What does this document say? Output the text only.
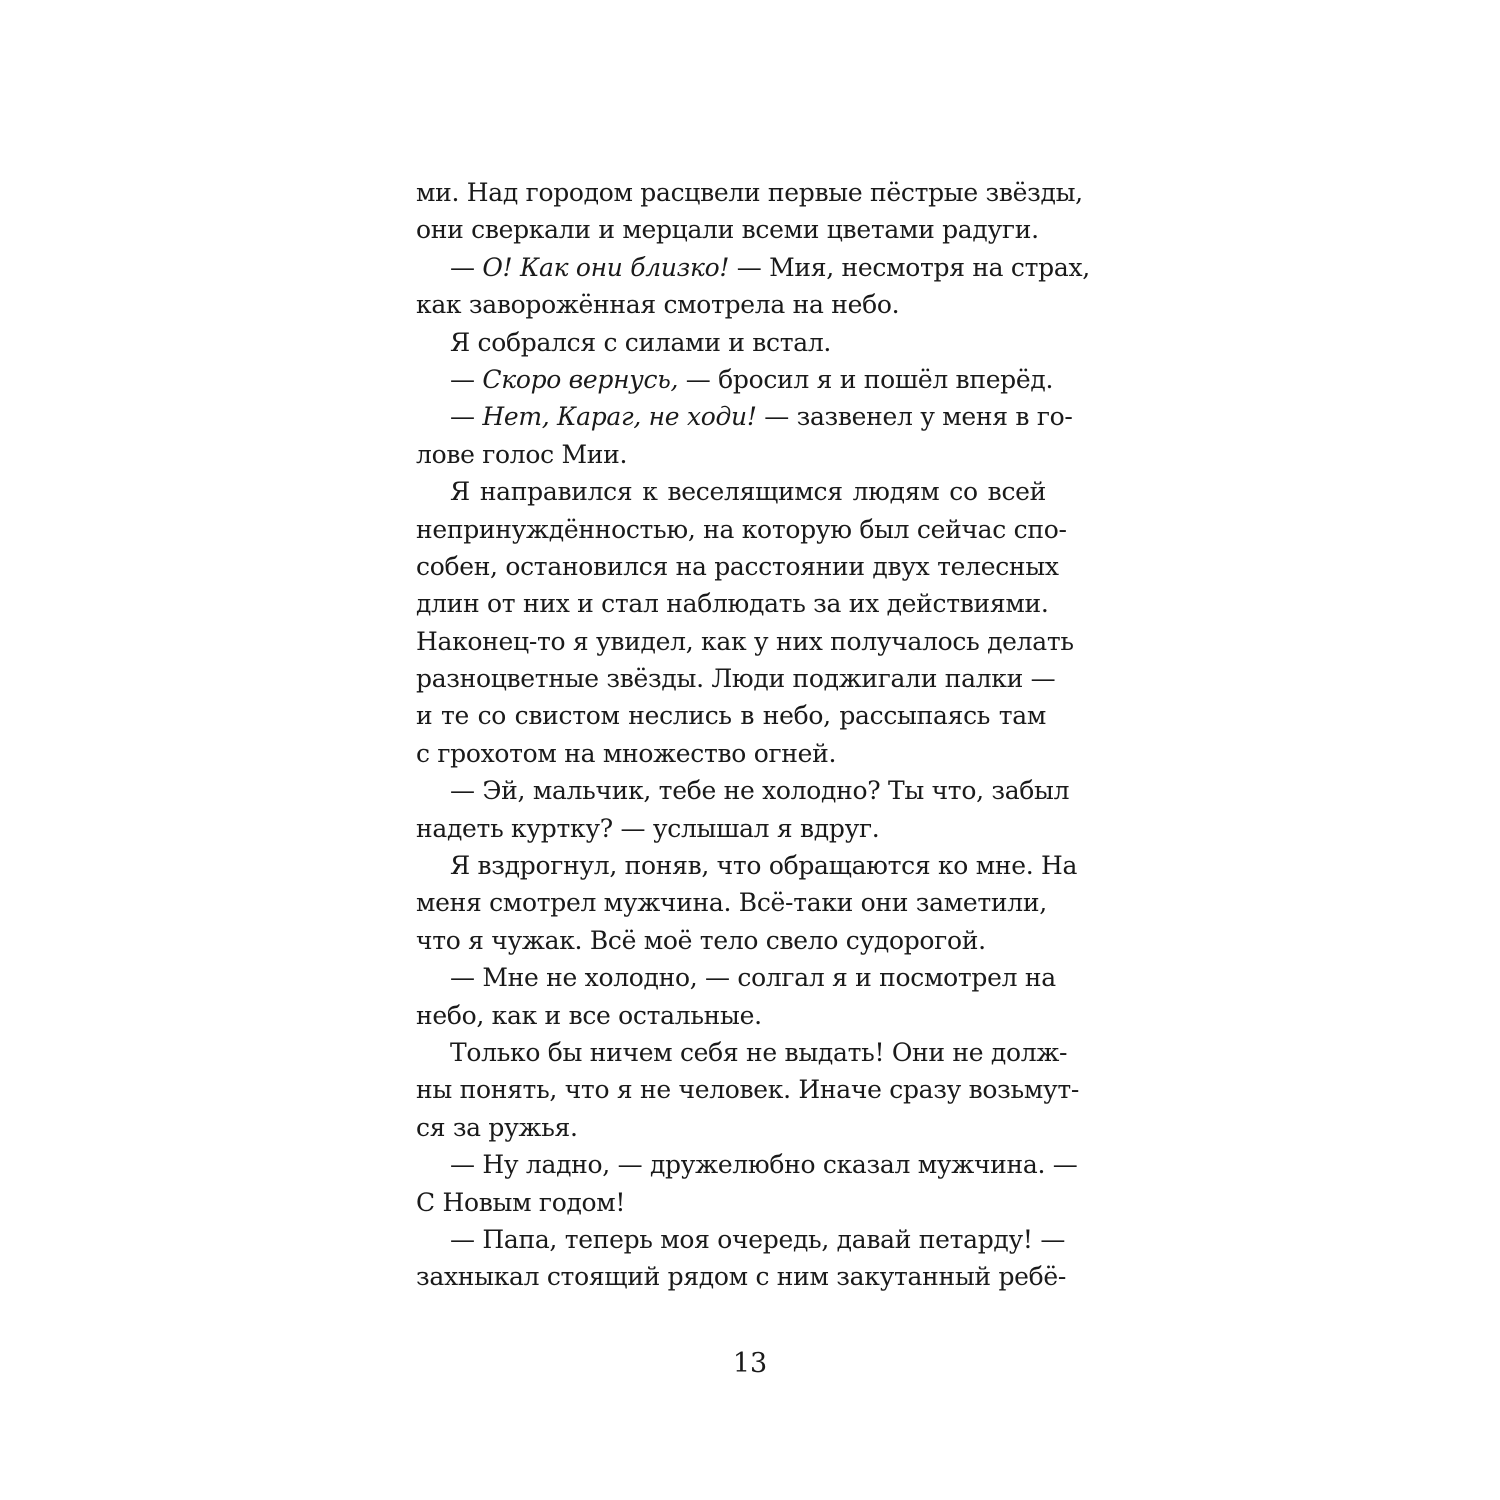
ми. Над городом расцвели первые пёстрые звёзды,
они сверкали и мерцали всеми цветами радуги.
— О! Как они близко! — Мия, несмотря на страх,
как заворожённая смотрела на небо.
Я собрался с силами и встал.
— Скоро вернусь, — бросил я и пошёл вперёд.
— Нет, Караг, не ходи! — зазвенел у меня в го-
лове голос Мии.
Я направился к веселящимся людям со всей
непринуждённостью, на которую был сейчас спо-
собен, остановился на расстоянии двух телесных
длин от них и стал наблюдать за их действиями.
Наконец-то я увидел, как у них получалось делать
разноцветные звёзды. Люди поджигали палки —
и те со свистом неслись в небо, рассыпаясь там
с грохотом на множество огней.
— Эй, мальчик, тебе не холодно? Ты что, забыл
надеть куртку? — услышал я вдруг.
Я вздрогнул, поняв, что обращаются ко мне. На
меня смотрел мужчина. Всё-таки они заметили,
что я чужак. Всё моё тело свело судорогой.
— Мне не холодно, — солгал я и посмотрел на
небо, как и все остальные.
Только бы ничем себя не выдать! Они не долж-
ны понять, что я не человек. Иначе сразу возьмут-
ся за ружья.
— Ну ладно, — дружелюбно сказал мужчина. —
С Новым годом!
— Папа, теперь моя очередь, давай петарду! —
захныкал стоящий рядом с ним закутанный ребё-
13
